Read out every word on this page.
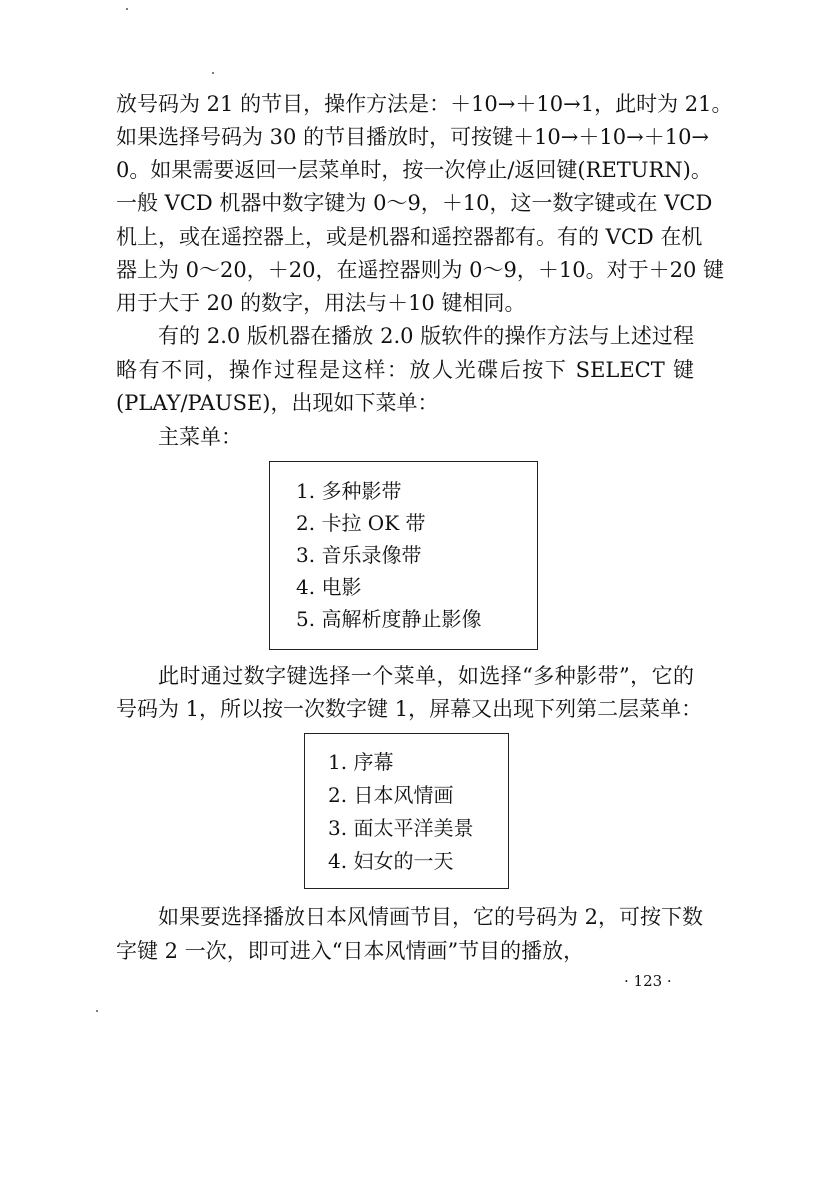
放号码为 21 的节目，操作方法是：＋10→＋10→1，此时为 21。
如果选择号码为 30 的节目播放时，可按键＋10→＋10→＋10→
0。如果需要返回一层菜单时，按一次停止/返回键(RETURN)。
一般 VCD 机器中数字键为 0～9，＋10，这一数字键或在 VCD
机上，或在遥控器上，或是机器和遥控器都有。有的 VCD 在机
器上为 0～20，＋20，在遥控器则为 0～9，＋10。对于＋20 键
用于大于 20 的数字，用法与＋10 键相同。
有的 2.0 版机器在播放 2.0 版软件的操作方法与上述过程
略有不同，操作过程是这样：放人光碟后按下 SELECT 键
(PLAY/PAUSE)，出现如下菜单：
主菜单：
1. 多种影带
2. 卡拉 OK 带
3. 音乐录像带
4. 电影
5. 高解析度静止影像
此时通过数字键选择一个菜单，如选择“多种影带”，它的
号码为 1，所以按一次数字键 1，屏幕又出现下列第二层菜单：
1. 序幕
2. 日本风情画
3. 面太平洋美景
4. 妇女的一天
如果要选择播放日本风情画节目，它的号码为 2，可按下数
字键 2 一次，即可进入“日本风情画”节目的播放，
· 123 ·
